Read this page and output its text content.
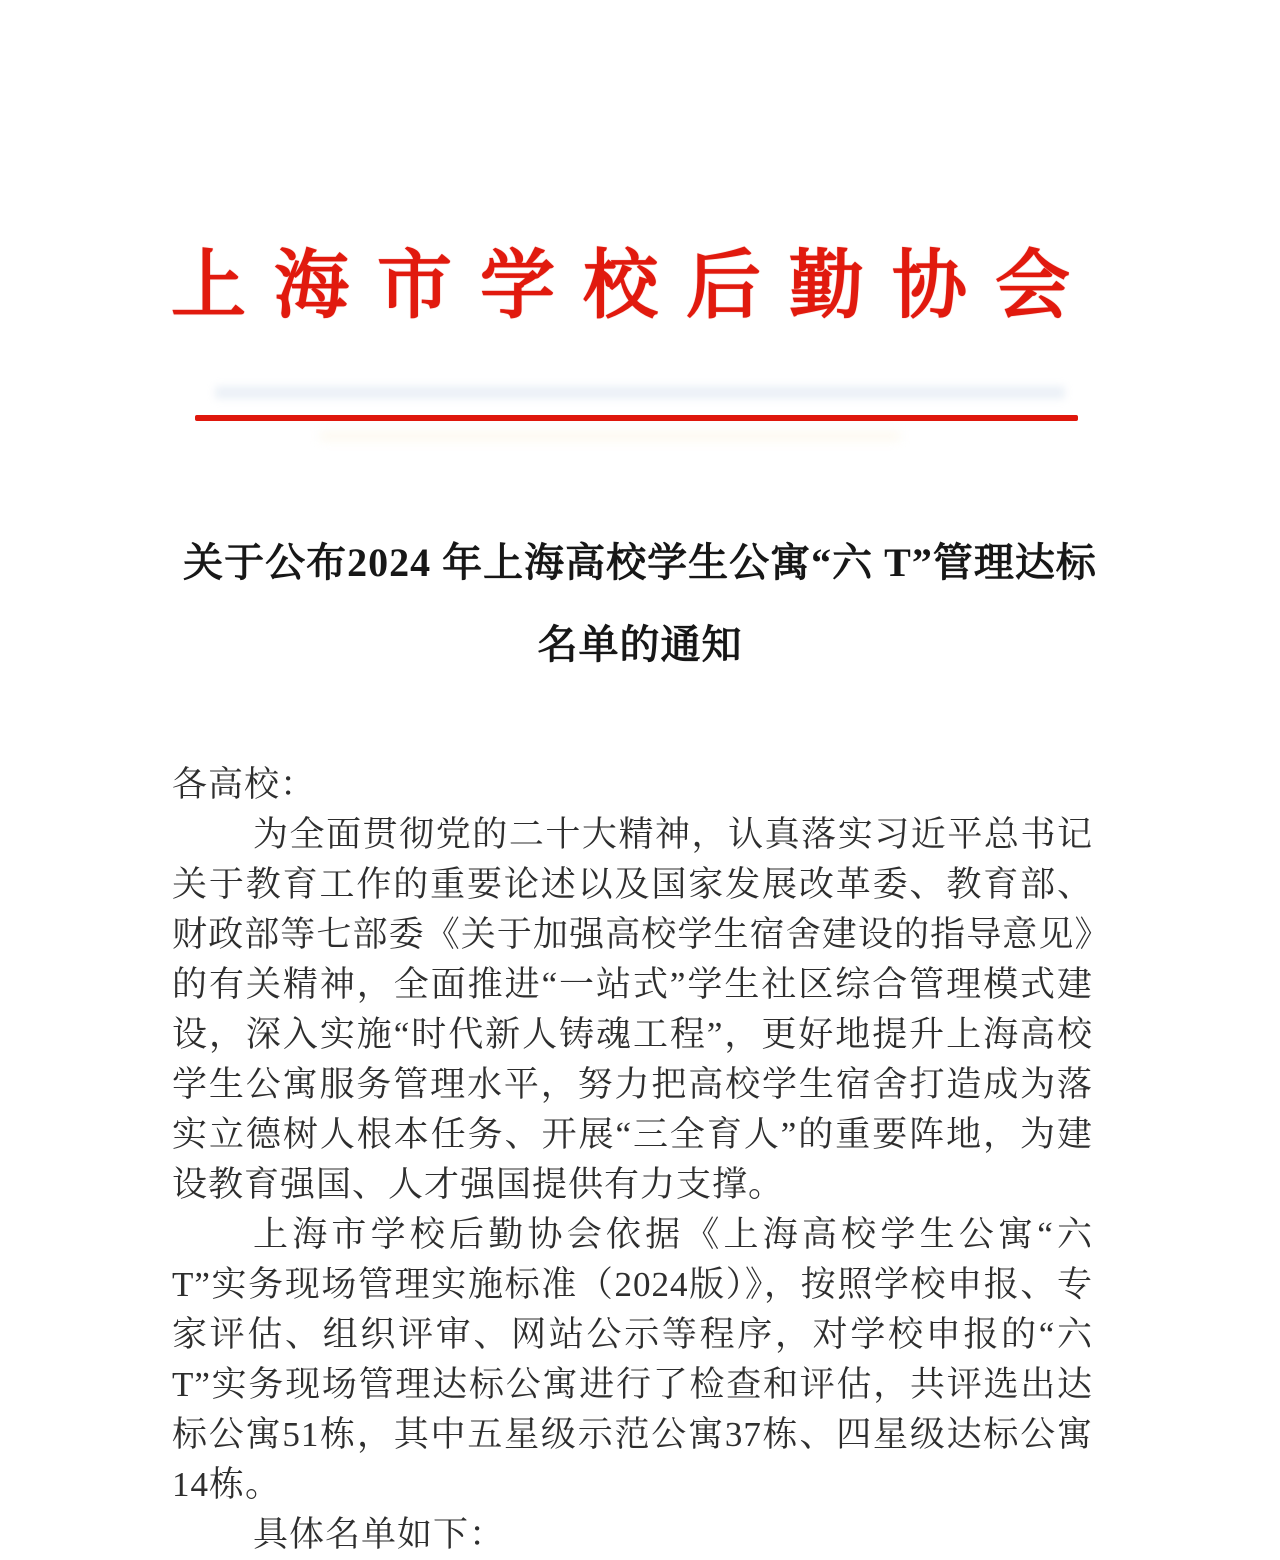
上海市学校后勤协会
关于公布2024 年上海高校学生公寓“六 T”管理达标
名单的通知

各高校：

为全面贯彻党的二十大精神，认真落实习近平总书记关于教育工作的重要论述以及国家发展改革委、教育部、财政部等七部委《关于加强高校学生宿舍建设的指导意见》的有关精神，全面推进“一站式”学生社区综合管理模式建设，深入实施“时代新人铸魂工程”，更好地提升上海高校学生公寓服务管理水平，努力把高校学生宿舍打造成为落实立德树人根本任务、开展“三全育人”的重要阵地，为建设教育强国、人才强国提供有力支撑。

上海市学校后勤协会依据《上海高校学生公寓“六T”实务现场管理实施标准（2024版）》，按照学校申报、专家评估、组织评审、网站公示等程序，对学校申报的“六T”实务现场管理达标公寓进行了检查和评估，共评选出达标公寓51栋，其中五星级示范公寓37栋、四星级达标公寓14栋。

具体名单如下：
